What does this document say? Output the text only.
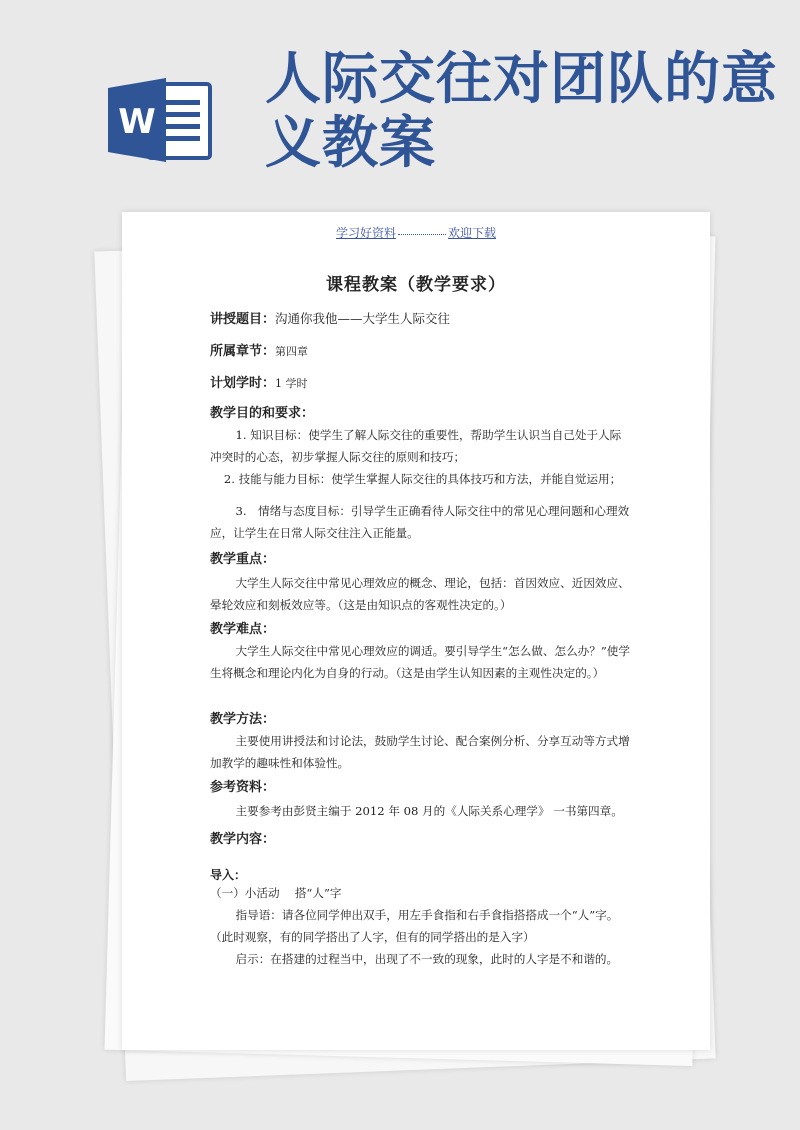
W
人际交往对团队的意义教案
学习好资料	欢迎下载
课程教案（教学要求）
讲授题目：沟通你我他——大学生人际交往
所属章节：第四章
计划学时：1 学时
教学目的和要求：
1. 知识目标：使学生了解人际交往的重要性，帮助学生认识当自己处于人际冲突时的心态，初步掌握人际交往的原则和技巧；
2. 技能与能力目标：使学生掌握人际交往的具体技巧和方法，并能自觉运用；
3.　情绪与态度目标：引导学生正确看待人际交往中的常见心理问题和心理效应，让学生在日常人际交往注入正能量。
教学重点：
大学生人际交往中常见心理效应的概念、理论，包括：首因效应、近因效应、晕轮效应和刻板效应等。（这是由知识点的客观性决定的。）
教学难点：
大学生人际交往中常见心理效应的调适。要引导学生“怎么做、怎么办？”使学生将概念和理论内化为自身的行动。（这是由学生认知因素的主观性决定的。）
教学方法：
主要使用讲授法和讨论法，鼓励学生讨论、配合案例分析、分享互动等方式增加教学的趣味性和体验性。
参考资料：
主要参考由彭贤主编于 2012 年 08 月的《人际关系心理学》 一书第四章。
教学内容：
导入：
（一）小活动　 搭“人”字
指导语：请各位同学伸出双手，用左手食指和右手食指搭搭成一个“人”字。（此时观察，有的同学搭出了人字，但有的同学搭出的是入字）
启示：在搭建的过程当中，出现了不一致的现象，此时的人字是不和谐的。
